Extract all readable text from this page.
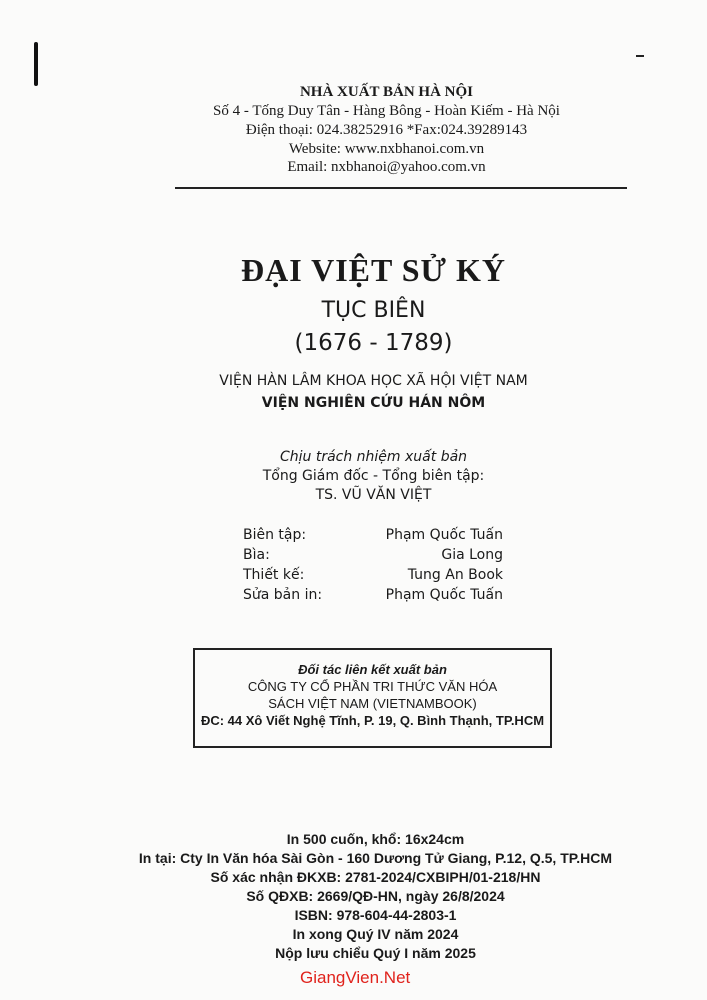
NHÀ XUẤT BẢN HÀ NỘI
Số 4 - Tống Duy Tân - Hàng Bông - Hoàn Kiếm - Hà Nội
Điện thoại: 024.38252916 *Fax:024.39289143
Website: www.nxbhanoi.com.vn
Email: nxbhanoi@yahoo.com.vn
ĐẠI VIỆT SỬ KÝ
TỤC BIÊN
(1676 - 1789)
VIỆN HÀN LÂM KHOA HỌC XÃ HỘI VIỆT NAM
VIỆN NGHIÊN CỨU HÁN NÔM
Chịu trách nhiệm xuất bản
Tổng Giám đốc - Tổng biên tập:
TS. VŨ VĂN VIỆT
Biên tập:	Phạm Quốc Tuấn
Bìa:	Gia Long
Thiết kế:	Tung An Book
Sửa bản in:	Phạm Quốc Tuấn
Đối tác liên kết xuất bản
CÔNG TY CỔ PHẦN TRI THỨC VĂN HÓA
SÁCH VIỆT NAM (VIETNAMBOOK)
ĐC: 44 Xô Viết Nghệ Tĩnh, P. 19, Q. Bình Thạnh, TP.HCM
In 500 cuốn, khổ: 16x24cm
In tại: Cty In Văn hóa Sài Gòn - 160 Dương Tử Giang, P.12, Q.5, TP.HCM
Số xác nhận ĐKXB: 2781-2024/CXBIPH/01-218/HN
Số QĐXB: 2669/QĐ-HN, ngày 26/8/2024
ISBN: 978-604-44-2803-1
In xong Quý IV năm 2024
Nộp lưu chiểu Quý I năm 2025
GiangVien.Net
